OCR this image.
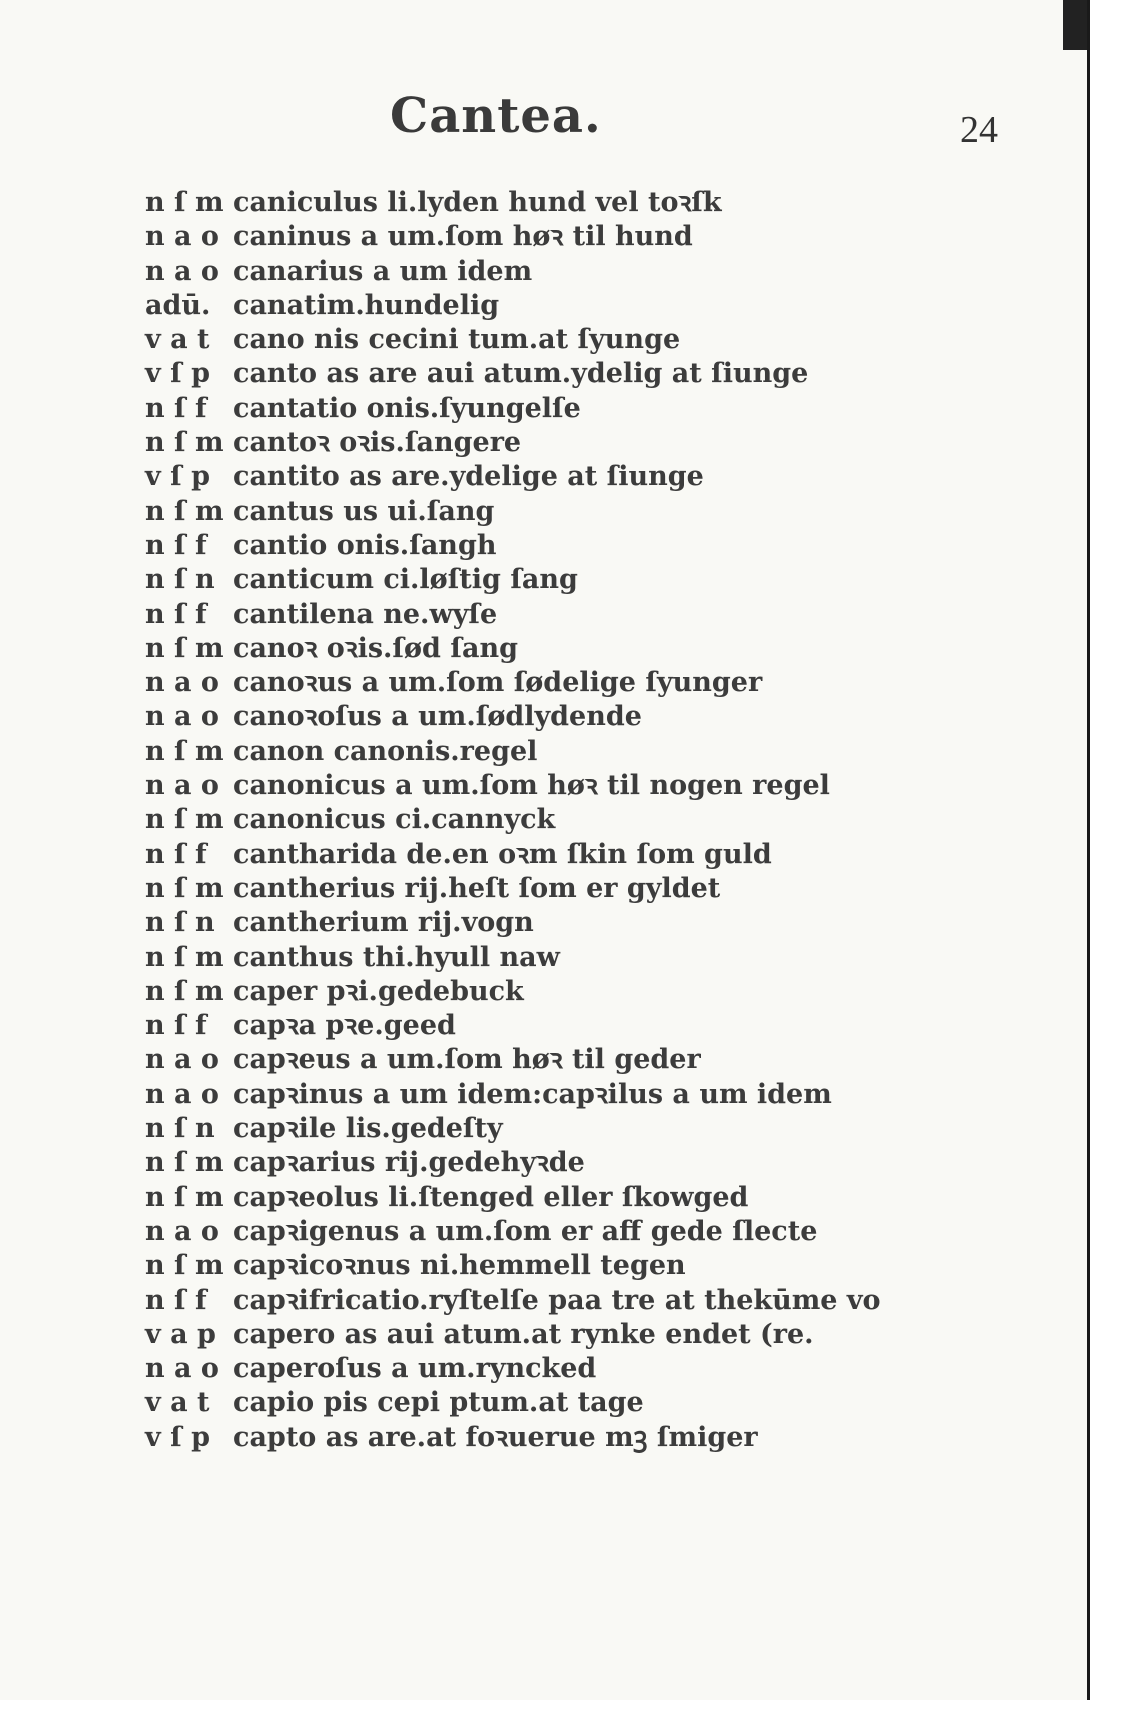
Cantea.	24
n ſ m caniculus li.lyden hund vel toꝛſk
n a o caninus a um.ſom høꝛ til hund
n a o canarius a um idem
adū. canatim.hundelig
v a t cano nis cecini tum.at ſyunge
v ſ p canto as are aui atum.ydelig at ſiunge
n ſ f cantatio onis.ſyungelſe
n ſ m cantoꝛ oꝛis.ſangere
v ſ p cantito as are.ydelige at ſiunge
n ſ m cantus us ui.ſang
n ſ f cantio onis.ſangh
n ſ n canticum ci.løſtig ſang
n ſ f cantilena ne.wyſe
n ſ m canoꝛ oꝛis.ſød ſang
n a o canoꝛus a um.ſom ſødelige ſyunger
n a o canoꝛoſus a um.ſødlydende
n ſ m canon canonis.regel
n a o canonicus a um.ſom høꝛ til nogen regel
n ſ m canonicus ci.cannyck
n ſ f cantharida de.en oꝛm ſkin ſom guld
n ſ m cantherius rij.heſt ſom er gyldet
n ſ n cantherium rij.vogn
n ſ m canthus thi.hyull naw
n ſ m caper pꝛi.gedebuck
n ſ f capꝛa pꝛe.geed
n a o capꝛeus a um.ſom høꝛ til geder
n a o capꝛinus a um idem:capꝛilus a um idem
n ſ n capꝛile lis.gedeſty
n ſ m capꝛarius rij.gedehyꝛde
n ſ m capꝛeolus li.ſtenged eller ſkowged
n a o capꝛigenus a um.ſom er aff gede ſlecte
n ſ m capꝛicoꝛnus ni.hemmell tegen
n ſ f capꝛifricatio.ryſtelſe paa tre at thekūme vo
v a p capero as aui atum.at rynke endet (re.
n a o caperoſus a um.ryncked
v a t capio pis cepi ptum.at tage
v ſ p capto as are.at foꝛuerue mꝫ ſmiger
